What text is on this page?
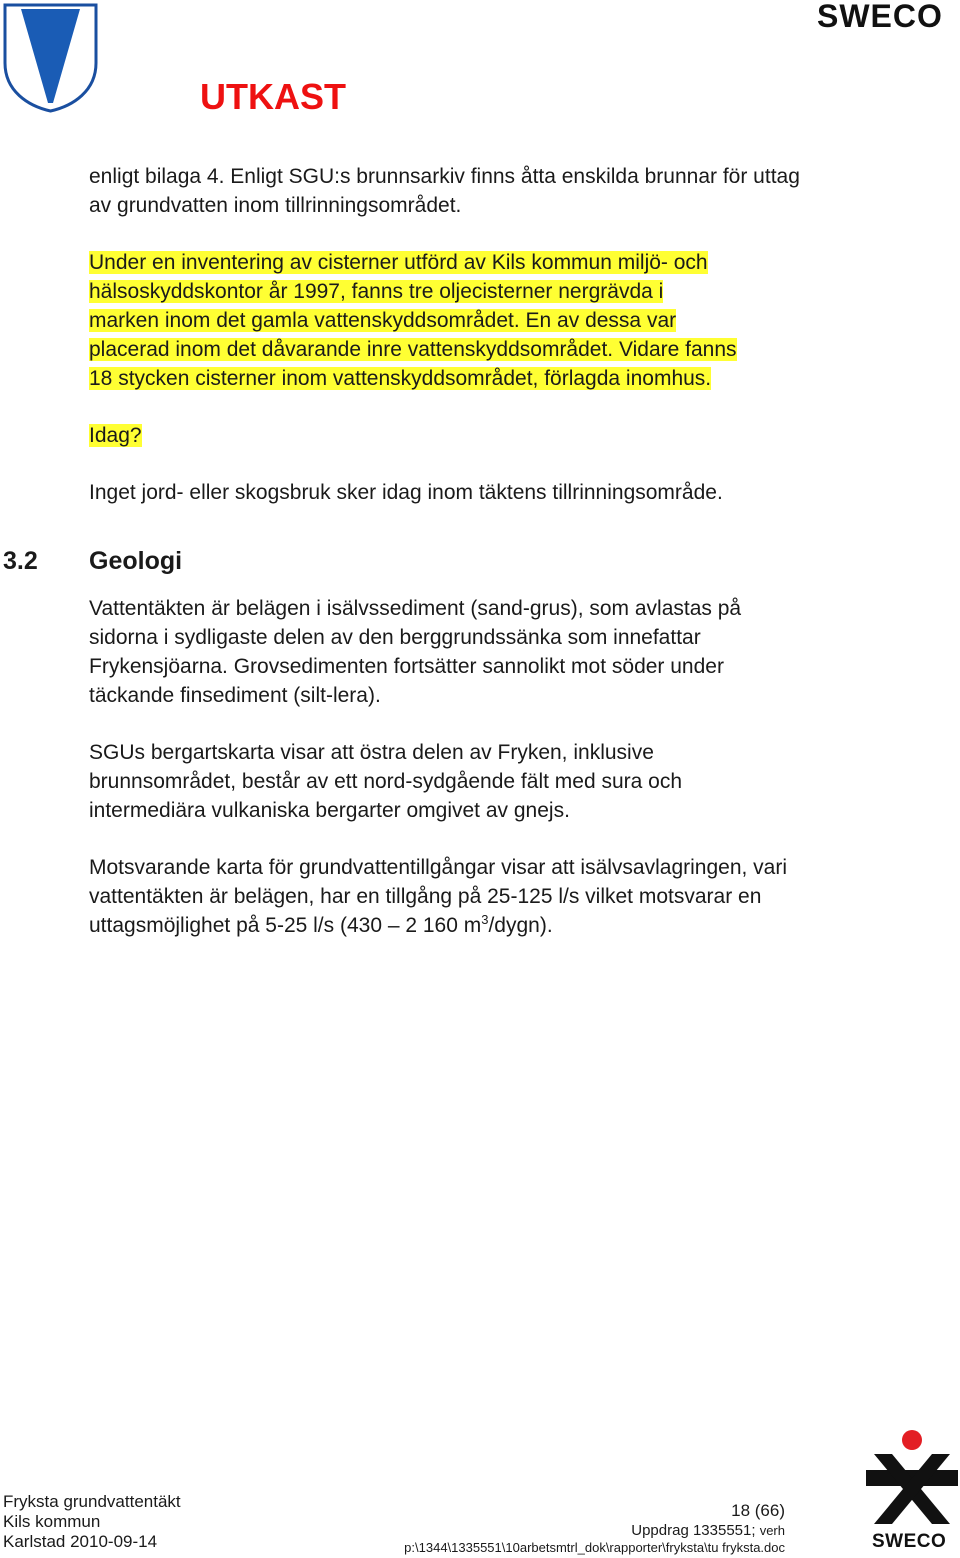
UTKAST
SWECO

enligt bilaga 4. Enligt SGU:s brunnsarkiv finns åtta enskilda brunnar för uttag av grundvatten inom tillrinningsområdet.

Under en inventering av cisterner utförd av Kils kommun miljö- och
hälsoskyddskontor år 1997, fanns tre oljecisterner nergrävda i
marken inom det gamla vattenskyddsområdet. En av dessa var
placerad inom det dåvarande inre vattenskyddsområdet. Vidare fanns
18 stycken cisterner inom vattenskyddsområdet, förlagda inomhus.

Idag?

Inget jord- eller skogsbruk sker idag inom täktens tillrinningsområde.

3.2 Geologi

Vattentäkten är belägen i isälvssediment (sand-grus), som avlastas på sidorna i sydligaste delen av den berggrundssänka som innefattar Frykensjöarna. Grovsedimenten fortsätter sannolikt mot söder under täckande finsediment (silt-lera).

SGUs bergartskarta visar att östra delen av Fryken, inklusive brunnsområdet, består av ett nord-sydgående fält med sura och intermediära vulkaniska bergarter omgivet av gnejs.

Motsvarande karta för grundvattentillgångar visar att isälvsavlagringen, vari vattentäkten är belägen, har en tillgång på 25-125 l/s vilket motsvarar en uttagsmöjlighet på 5-25 l/s (430 – 2 160 $m^3/dygn$).

Fryksta grundvattentäkt
Kils kommun
Karlstad 2010-09-14
18 (66)
Uppdrag 1335551; verh
p:\1344\1335551\10arbetsmtrl_dok\rapporter\fryksta\tu fryksta.doc	SWECO
